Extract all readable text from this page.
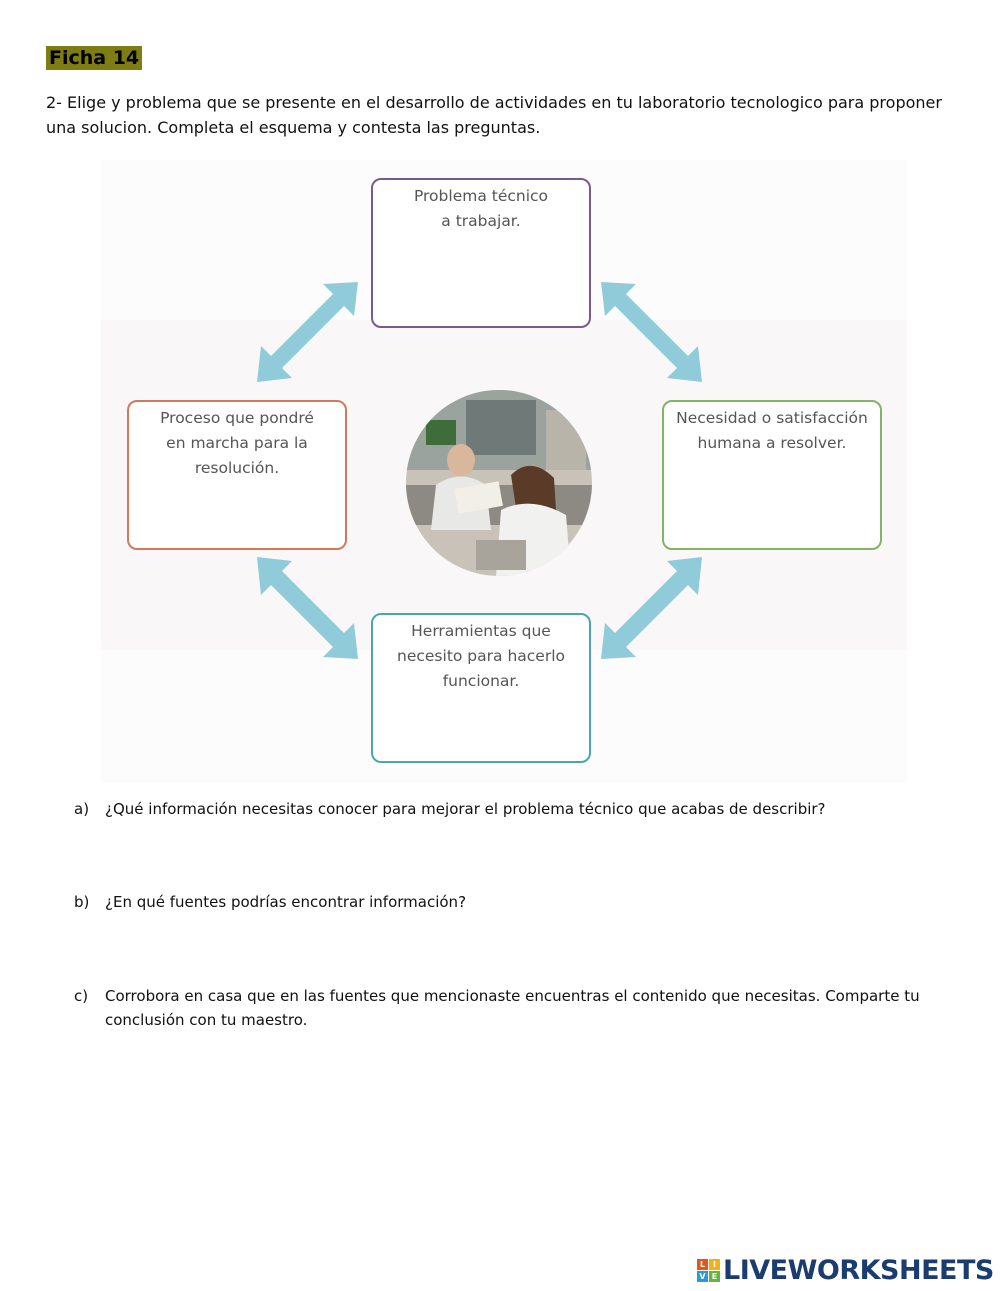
Ficha 14
2- Elige y problema que se presente en el desarrollo de actividades en tu laboratorio tecnologico para proponer una solucion. Completa el esquema y contesta las preguntas.
Problema técnico
a trabajar.
Proceso que pondré
en marcha para la
resolución.
Necesidad o satisfacción
humana a resolver.
Herramientas que
necesito para hacerlo
funcionar.
a) ¿Qué información necesitas conocer para mejorar el problema técnico que acabas de describir?
b) ¿En qué fuentes podrías encontrar información?
c) Corrobora en casa que en las fuentes que mencionaste encuentras el contenido que necesitas. Comparte tu conclusión con tu maestro.
L I
V E LIVEWORKSHEETS
